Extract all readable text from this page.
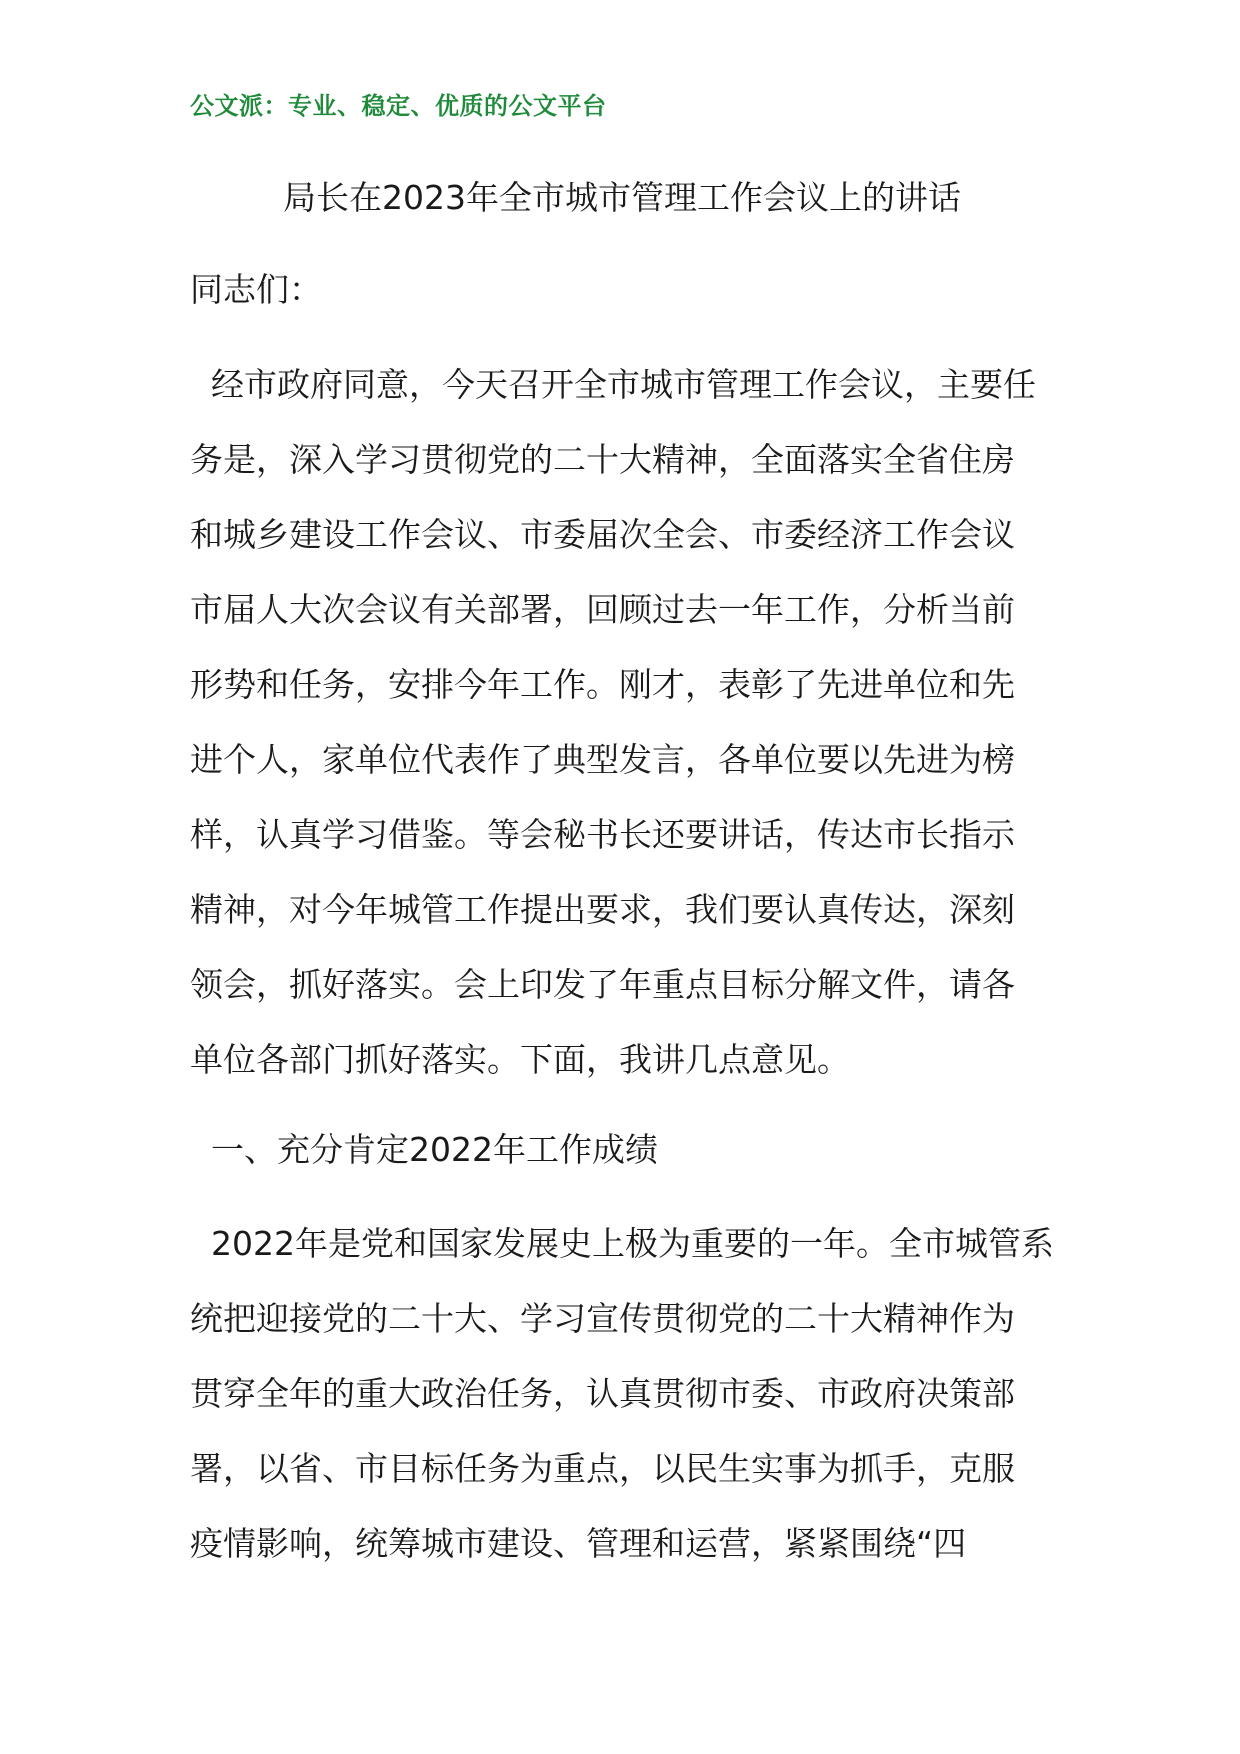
公文派：专业、稳定、优质的公文平台
局长在2023年全市城市管理工作会议上的讲话
同志们：
经市政府同意，今天召开全市城市管理工作会议，主要任
务是，深入学习贯彻党的二十大精神，全面落实全省住房
和城乡建设工作会议、市委届次全会、市委经济工作会议
市届人大次会议有关部署，回顾过去一年工作，分析当前
形势和任务，安排今年工作。刚才，表彰了先进单位和先
进个人，家单位代表作了典型发言，各单位要以先进为榜
样，认真学习借鉴。等会秘书长还要讲话，传达市长指示
精神，对今年城管工作提出要求，我们要认真传达，深刻
领会，抓好落实。会上印发了年重点目标分解文件，请各
单位各部门抓好落实。下面，我讲几点意见。
一、充分肯定2022年工作成绩
2022年是党和国家发展史上极为重要的一年。全市城管系
统把迎接党的二十大、学习宣传贯彻党的二十大精神作为
贯穿全年的重大政治任务，认真贯彻市委、市政府决策部
署，以省、市目标任务为重点，以民生实事为抓手，克服
疫情影响，统筹城市建设、管理和运营，紧紧围绕“四
